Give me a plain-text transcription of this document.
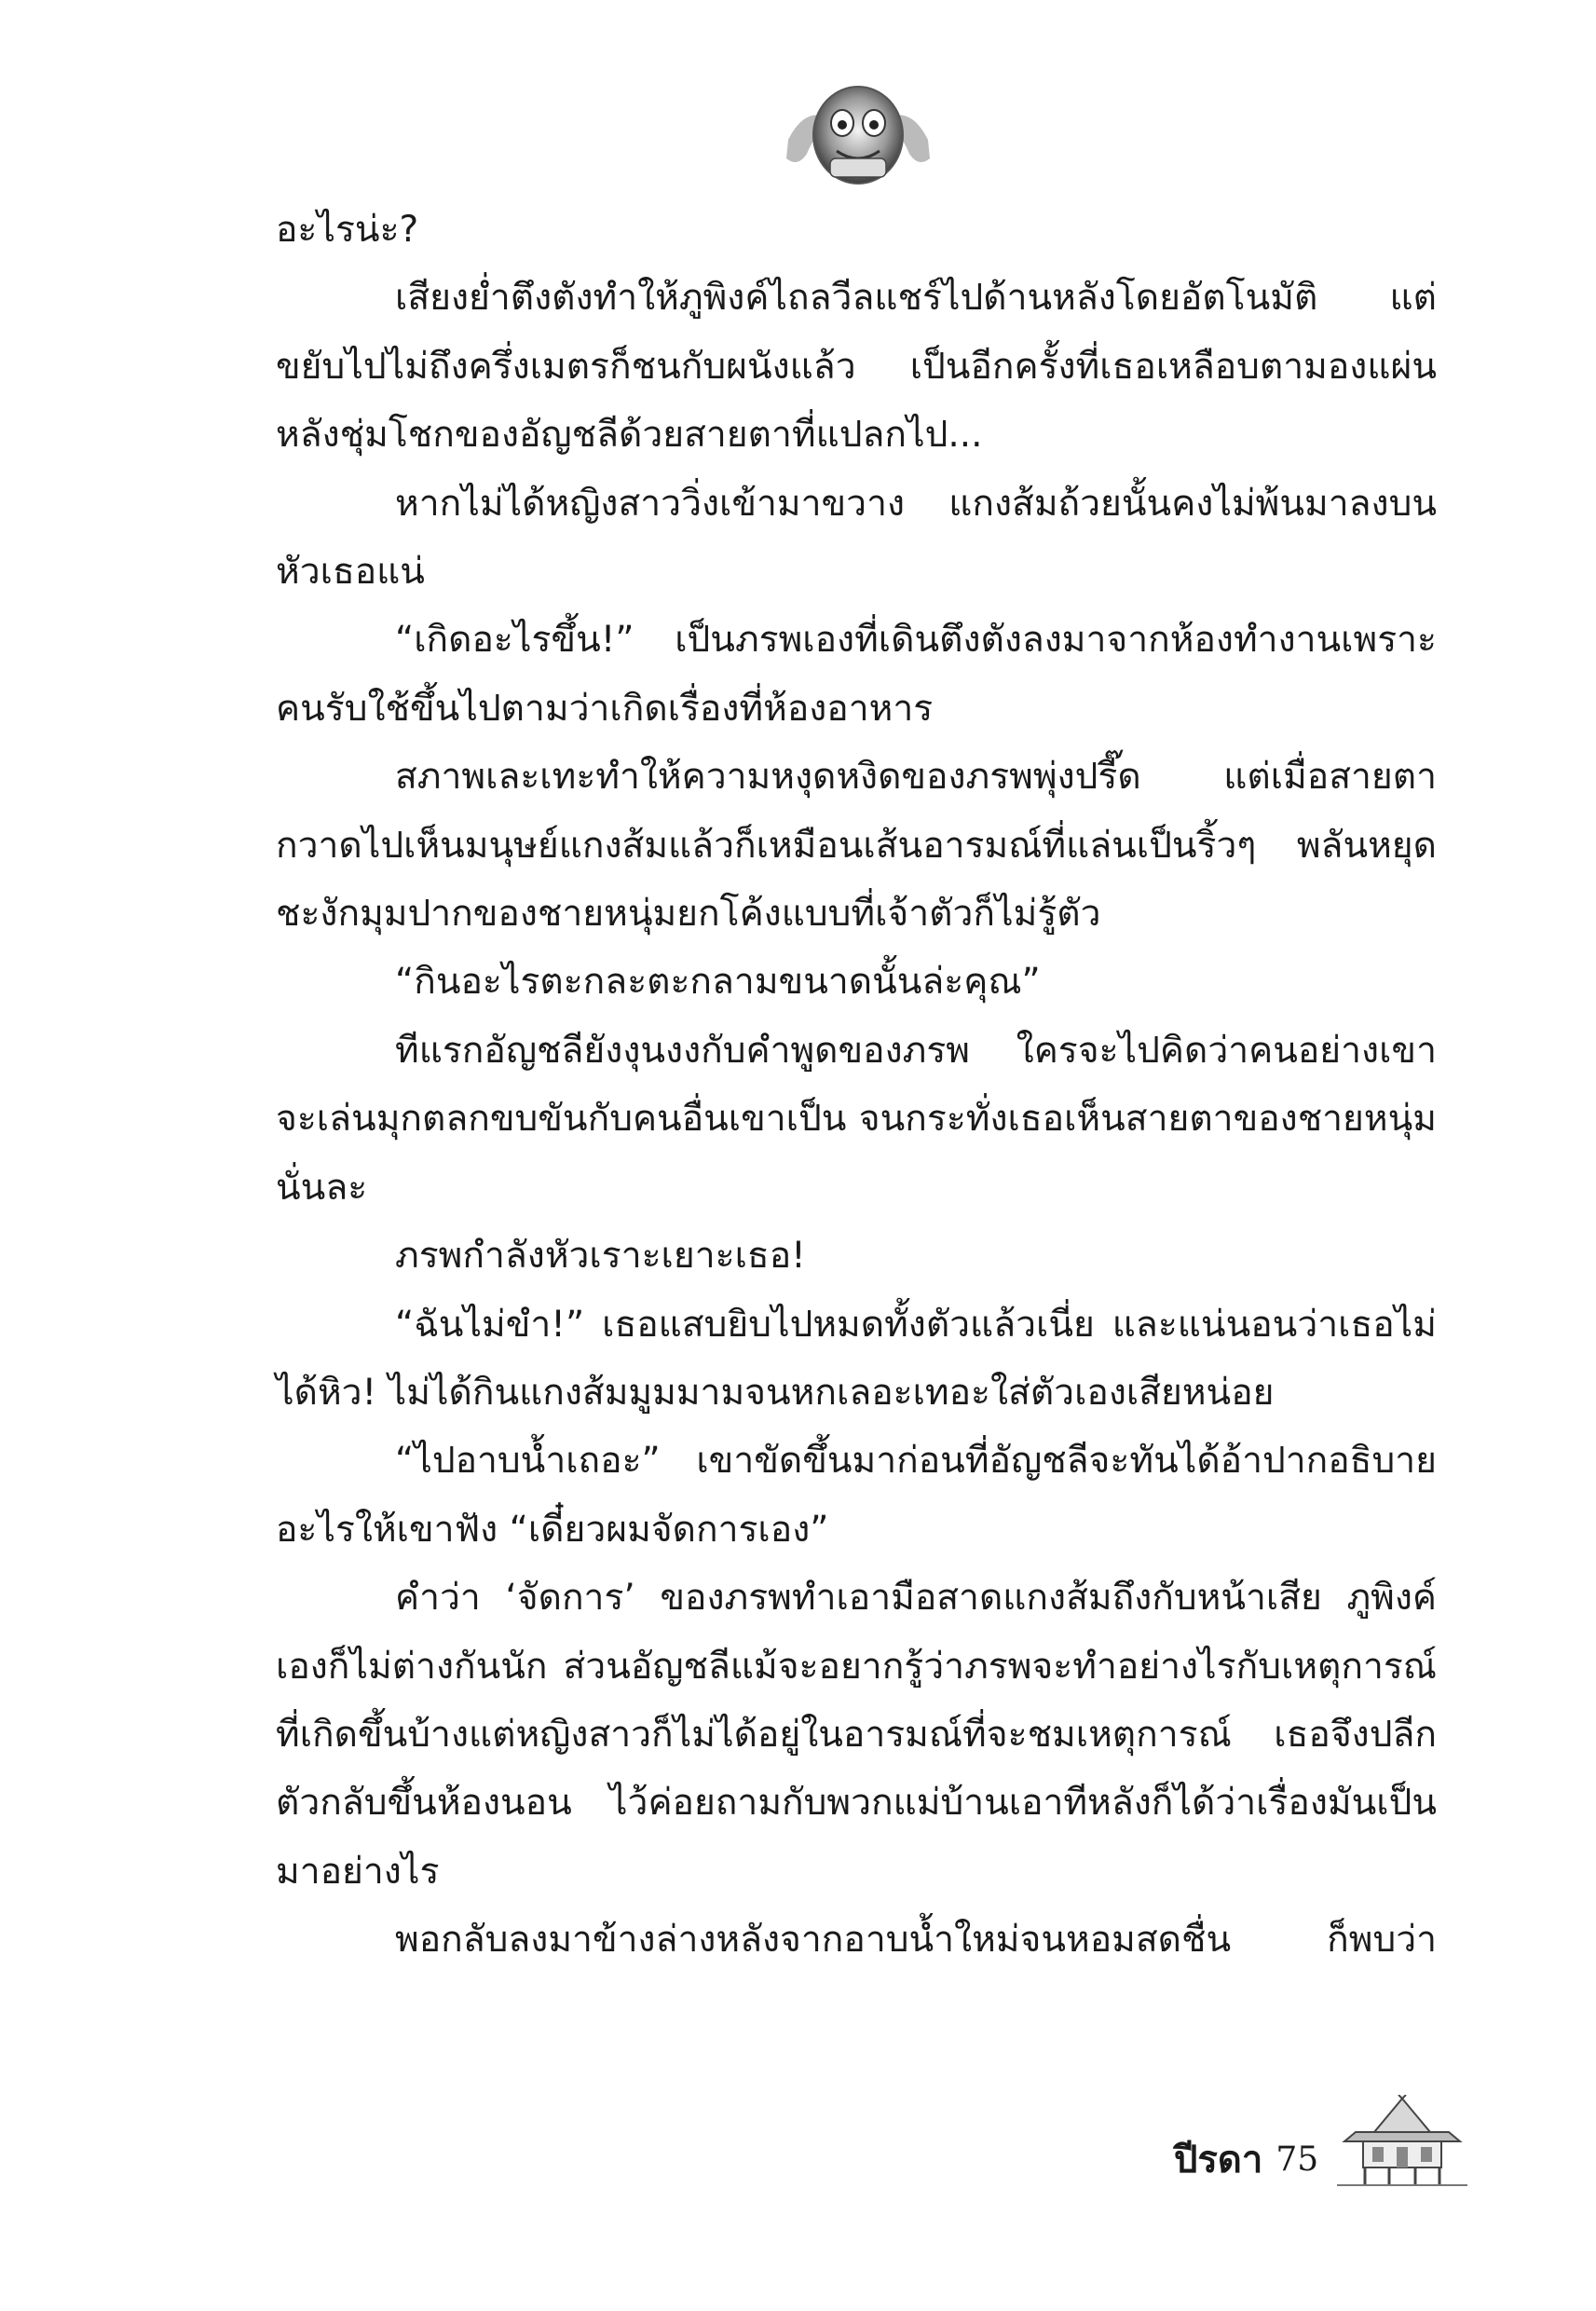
อะไรน่ะ?

เสียงย่ำตึงตังทำให้ภูพิงค์ไถลวีลแชร์ไปด้านหลังโดยอัตโนมัติ แต่ขยับไปไม่ถึงครึ่งเมตรก็ชนกับผนังแล้ว เป็นอีกครั้งที่เธอเหลือบตามองแผ่นหลังชุ่มโชกของอัญชลีด้วยสายตาที่แปลกไป...

หากไม่ได้หญิงสาววิ่งเข้ามาขวาง แกงส้มถ้วยนั้นคงไม่พ้นมาลงบนหัวเธอแน่

“เกิดอะไรขึ้น!” เป็นภรพเองที่เดินตึงตังลงมาจากห้องทำงานเพราะคนรับใช้ขึ้นไปตามว่าเกิดเรื่องที่ห้องอาหาร

สภาพเละเทะทำให้ความหงุดหงิดของภรพพุ่งปรี๊ด แต่เมื่อสายตากวาดไปเห็นมนุษย์แกงส้มแล้วก็เหมือนเส้นอารมณ์ที่แล่นเป็นริ้วๆ พลันหยุดชะงักมุมปากของชายหนุ่มยกโค้งแบบที่เจ้าตัวก็ไม่รู้ตัว

“กินอะไรตะกละตะกลามขนาดนั้นล่ะคุณ”

ทีแรกอัญชลียังงุนงงกับคำพูดของภรพ ใครจะไปคิดว่าคนอย่างเขาจะเล่นมุกตลกขบขันกับคนอื่นเขาเป็น จนกระทั่งเธอเห็นสายตาของชายหนุ่มนั่นละ

ภรพกำลังหัวเราะเยาะเธอ!

“ฉันไม่ขำ!” เธอแสบยิบไปหมดทั้งตัวแล้วเนี่ย และแน่นอนว่าเธอไม่ได้หิว! ไม่ได้กินแกงส้มมูมมามจนหกเลอะเทอะใส่ตัวเองเสียหน่อย

“ไปอาบน้ำเถอะ” เขาขัดขึ้นมาก่อนที่อัญชลีจะทันได้อ้าปากอธิบายอะไรให้เขาฟัง “เดี๋ยวผมจัดการเอง”

คำว่า ‘จัดการ’ ของภรพทำเอามือสาดแกงส้มถึงกับหน้าเสีย ภูพิงค์เองก็ไม่ต่างกันนัก ส่วนอัญชลีแม้จะอยากรู้ว่าภรพจะทำอย่างไรกับเหตุการณ์ที่เกิดขึ้นบ้างแต่หญิงสาวก็ไม่ได้อยู่ในอารมณ์ที่จะชมเหตุการณ์ เธอจึงปลีกตัวกลับขึ้นห้องนอน ไว้ค่อยถามกับพวกแม่บ้านเอาทีหลังก็ได้ว่าเรื่องมันเป็นมาอย่างไร

พอกลับลงมาข้างล่างหลังจากอาบน้ำใหม่จนหอมสดชื่น ก็พบว่า

ปีรดา 75
